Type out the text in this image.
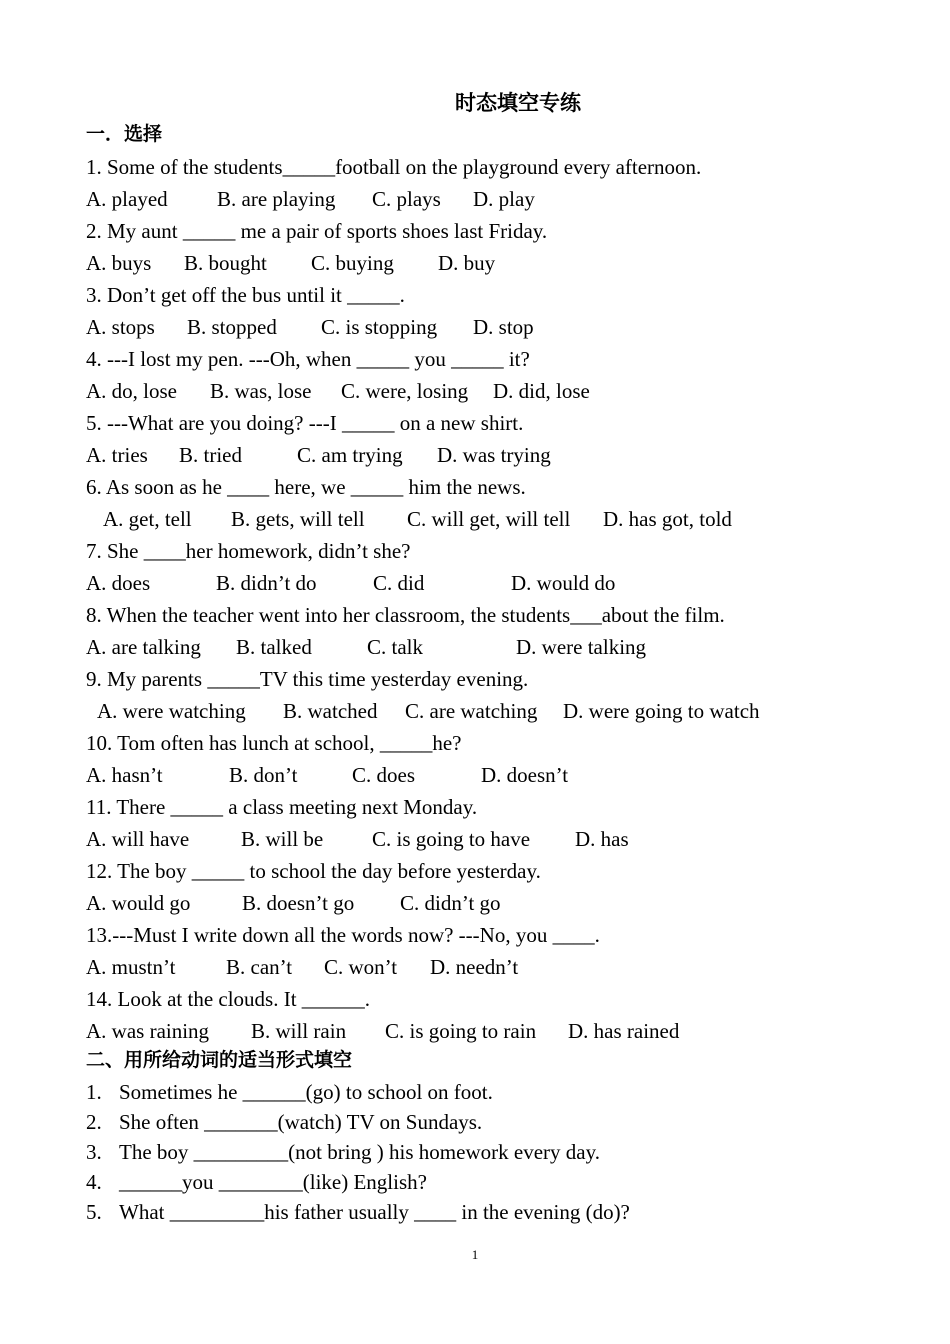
时态填空专练
一．选择
1. Some of the students_____football on the playground every afternoon.
A. played B. are playing C. plays D. play
2. My aunt _____ me a pair of sports shoes last Friday.
A. buys B. bought C. buying D. buy
3. Don’t get off the bus until it _____.
A. stops B. stopped C. is stopping D. stop
4. ---I lost my pen. ---Oh, when _____ you _____ it?
A. do, lose B. was, lose C. were, losing D. did, lose
5. ---What are you doing? ---I _____ on a new shirt.
A. tries B. tried	C. am trying D. was trying
6. As soon as he ____ here, we _____ him the news.
A. get, tell B. gets, will tell C. will get, will tell D. has got, told
7. She ____her homework, didn’t she?
A. does	B. didn’t do	C. did	D. would do
8. When the teacher went into her classroom, the students___about the film.
A. are talking B. talked	C. talk	D. were talking
9. My parents _____TV this time yesterday evening.
A. were watching B. watched C. are watching D. were going to watch
10. Tom often has lunch at school, _____he?
A. hasn’t	B. don’t	C. does	D. doesn’t
11. There _____ a class meeting next Monday.
A. will have B. will be C. is going to have D. has
12. The boy _____ to school the day before yesterday.
A. would go B. doesn’t go C. didn’t go
13.---Must I write down all the words now? ---No, you ____.
A. mustn’t B. can’t C. won’t D. needn’t
14. Look at the clouds. It ______.
A. was raining B. will rain C. is going to rain D. has rained
二、用所给动词的适当形式填空
1. Sometimes he ______(go) to school on foot.
2. She often _______(watch) TV on Sundays.
3. The boy _________(not bring ) his homework every day.
4. ______you ________(like) English?
5. What _________his father usually ____ in the evening (do)?
1
